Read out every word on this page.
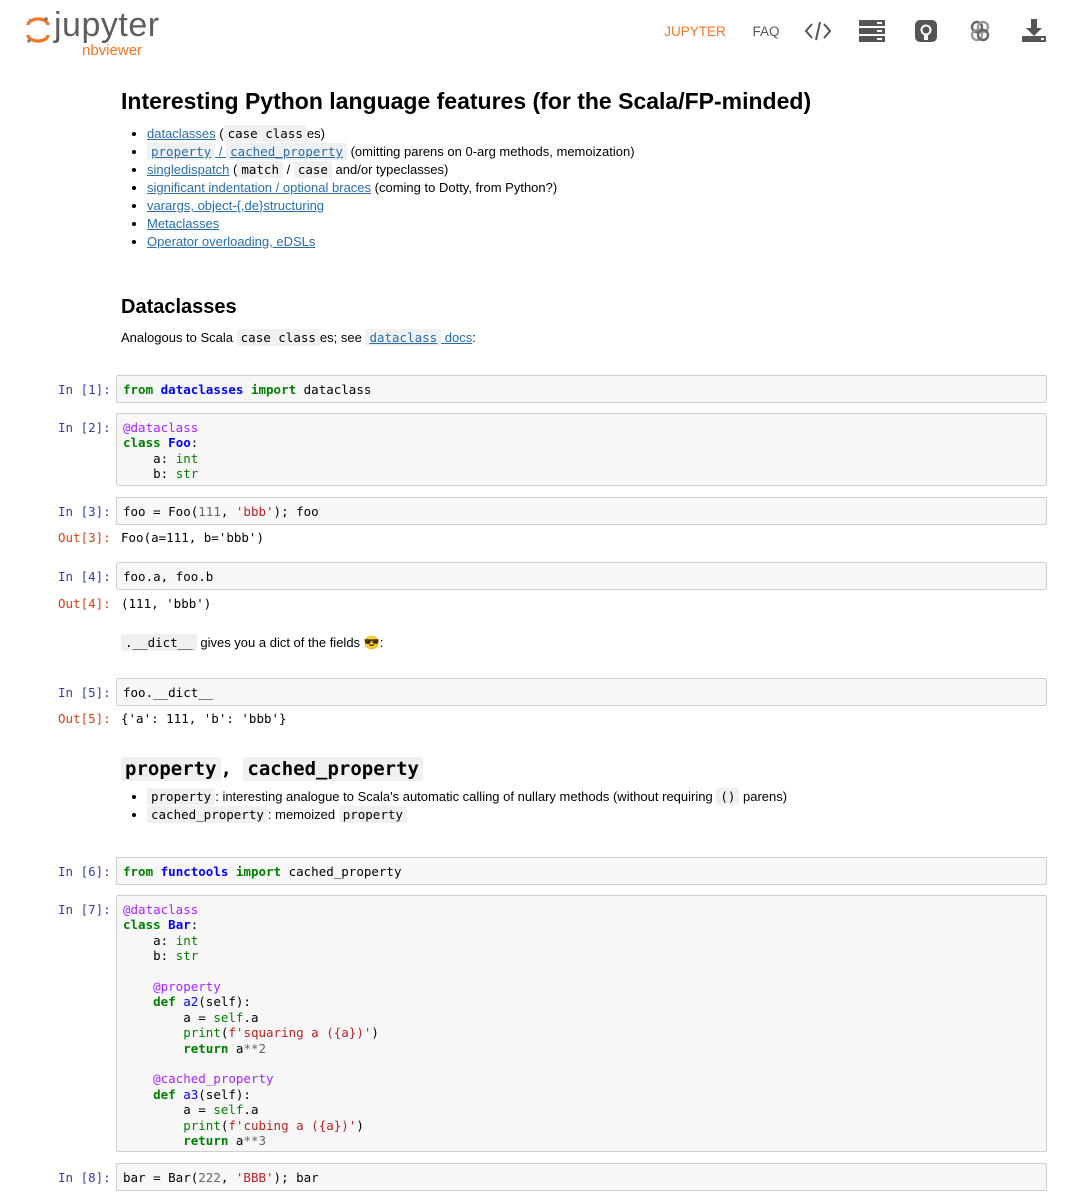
jupyter
nbviewer
JUPYTER	FAQ
Interesting Python language features (for the Scala/FP-minded)
• dataclasses ( case class es)
• property / cached_property (omitting parens on 0-arg methods, memoization)
• singledispatch ( match / case and/or typeclasses)
• significant indentation / optional braces (coming to Dotty, from Python?)
• varargs, object-{,de}structuring
• Metaclasses
• Operator overloading, eDSLs
Dataclasses

Analogous to Scala case class es; see dataclass docs:

In [1]: from dataclasses import dataclass
In [2]: @dataclass
class Foo:
a: int
b: str
In [3]: foo = Foo(111, 'bbb'); foo
Out[3]: Foo(a=111, b='bbb')
In [4]: foo.a, foo.b
Out[4]: (111, 'bbb')

.__dict__ gives you a dict of the fields 😎:

In [5]: foo.__dict__
Out[5]: {'a': 111, 'b': 'bbb'}
property , cached_property
• property : interesting analogue to Scala's automatic calling of nullary methods (without requiring () parens)
• cached_property : memoized property
In [6]: from functools import cached_property
In [7]: @dataclass
class Bar:
a: int
b: str

@property
def a2(self):
a = self.a
print(f'squaring a ({a})')
return a**2

@cached_property
def a3(self):
a = self.a
print(f'cubing a ({a})')
return a**3
In [8]: bar = Bar(222, 'BBB'); bar
